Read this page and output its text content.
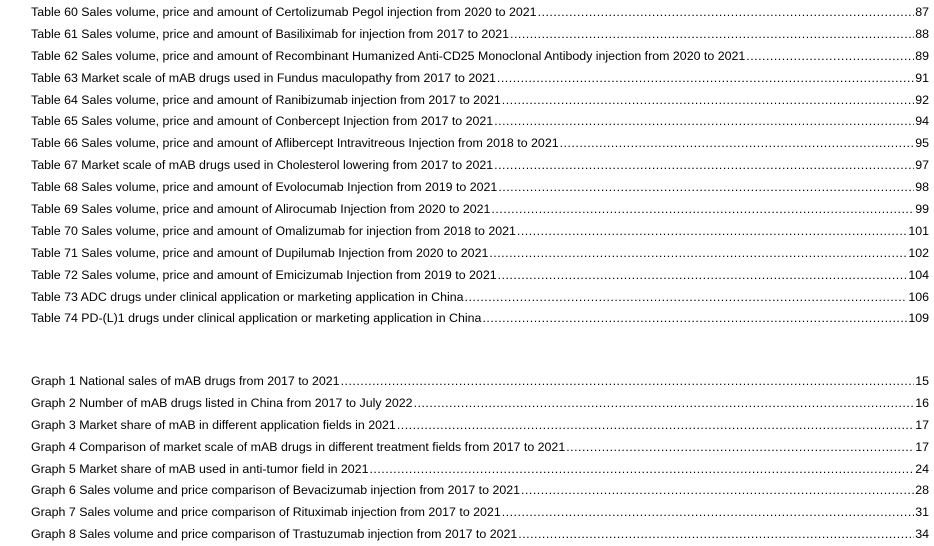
Table 60 Sales volume, price and amount of Certolizumab Pegol injection from 2020 to 2021 .....	87
Table 61 Sales volume, price and amount of Basiliximab for injection from 2017 to 2021 .....	88
Table 62 Sales volume, price and amount of Recombinant Humanized Anti-CD25 Monoclonal Antibody injection from 2020 to 2021 .....	89
Table 63 Market scale of mAB drugs used in Fundus maculopathy from 2017 to 2021 .....	91
Table 64 Sales volume, price and amount of Ranibizumab injection from 2017 to 2021 .....	92
Table 65 Sales volume, price and amount of Conbercept Injection from 2017 to 2021 .....	94
Table 66 Sales volume, price and amount of Aflibercept Intravitreous Injection from 2018 to 2021 .....	95
Table 67 Market scale of mAB drugs used in Cholesterol lowering from 2017 to 2021 .....	97
Table 68 Sales volume, price and amount of Evolocumab Injection from 2019 to 2021 .....	98
Table 69 Sales volume, price and amount of Alirocumab Injection from 2020 to 2021 .....	99
Table 70 Sales volume, price and amount of Omalizumab for injection from 2018 to 2021 .....	101
Table 71 Sales volume, price and amount of Dupilumab Injection from 2020 to 2021 .....	102
Table 72 Sales volume, price and amount of Emicizumab Injection from 2019 to 2021 .....	104
Table 73 ADC drugs under clinical application or marketing application in China .....	106
Table 74 PD-(L)1 drugs under clinical application or marketing application in China .....	109
Graph 1 National sales of mAB drugs from 2017 to 2021 .....	15
Graph 2 Number of mAB drugs listed in China from 2017 to July 2022 .....	16
Graph 3 Market share of mAB in different application fields in 2021 .....	17
Graph 4 Comparison of market scale of mAB drugs in different treatment fields from 2017 to 2021 .....	17
Graph 5 Market share of mAB used in anti-tumor field in 2021 .....	24
Graph 6 Sales volume and price comparison of Bevacizumab injection from 2017 to 2021 .....	28
Graph 7 Sales volume and price comparison of Rituximab injection from 2017 to 2021 .....	31
Graph 8 Sales volume and price comparison of Trastuzumab injection from 2017 to 2021 .....	34
